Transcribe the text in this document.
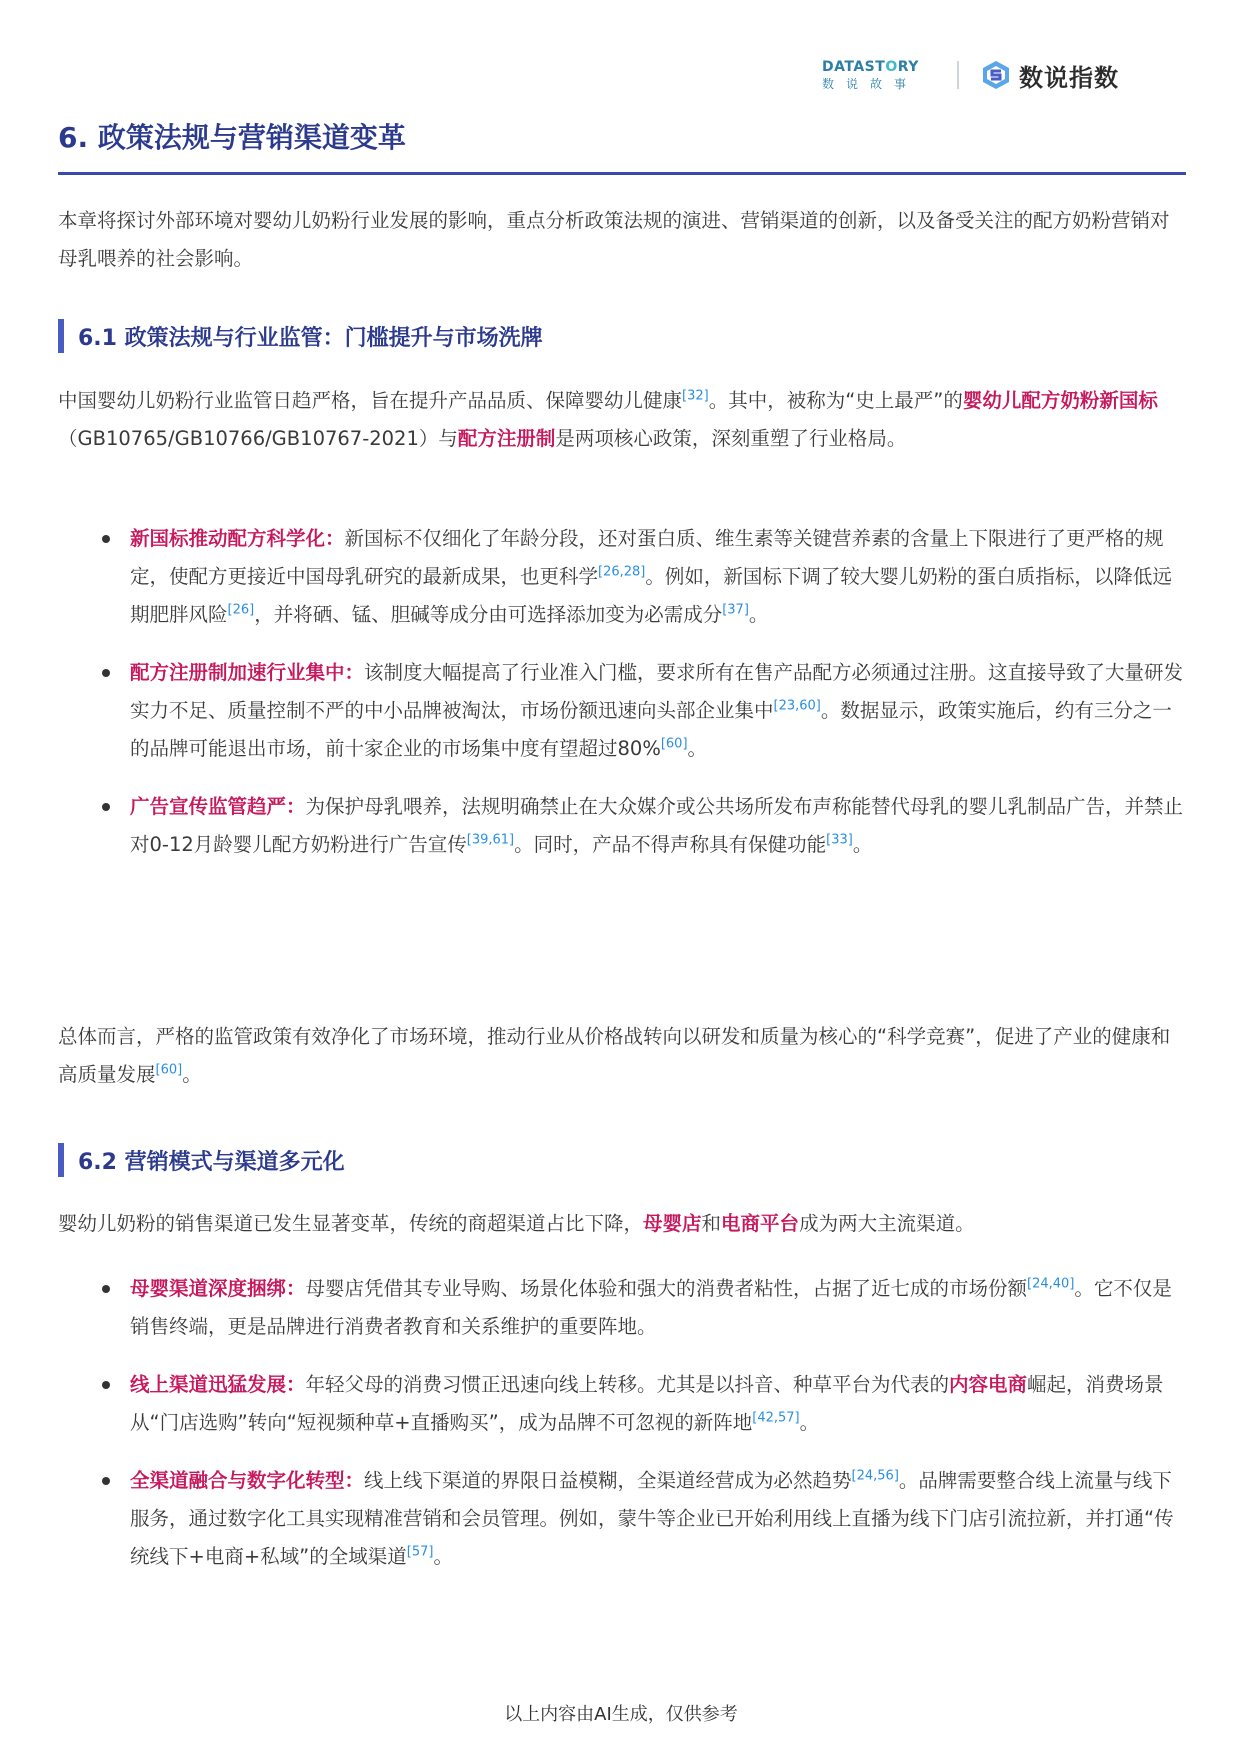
DATASTORY
数说故事	数说指数
6. 政策法规与营销渠道变革

本章将探讨外部环境对婴幼儿奶粉行业发展的影响，重点分析政策法规的演进、营销渠道的创新，以及备受关注的配方奶粉营销对母乳喂养的社会影响。

6.1 政策法规与行业监管：门槛提升与市场洗牌

中国婴幼儿奶粉行业监管日趋严格，旨在提升产品品质、保障婴幼儿健康[32]。其中，被称为“史上最严”的婴幼儿配方奶粉新国标（GB10765/GB10766/GB10767-2021）与配方注册制是两项核心政策，深刻重塑了行业格局。

新国标推动配方科学化：新国标不仅细化了年龄分段，还对蛋白质、维生素等关键营养素的含量上下限进行了更严格的规定，使配方更接近中国母乳研究的最新成果，也更科学[26,28]。例如，新国标下调了较大婴儿奶粉的蛋白质指标，以降低远期肥胖风险[26]，并将硒、锰、胆碱等成分由可选择添加变为必需成分[37]。
配方注册制加速行业集中：该制度大幅提高了行业准入门槛，要求所有在售产品配方必须通过注册。这直接导致了大量研发实力不足、质量控制不严的中小品牌被淘汰，市场份额迅速向头部企业集中[23,60]。数据显示，政策实施后，约有三分之一的品牌可能退出市场，前十家企业的市场集中度有望超过80%[60]。
广告宣传监管趋严：为保护母乳喂养，法规明确禁止在大众媒介或公共场所发布声称能替代母乳的婴儿乳制品广告，并禁止对0-12月龄婴儿配方奶粉进行广告宣传[39,61]。同时，产品不得声称具有保健功能[33]。

总体而言，严格的监管政策有效净化了市场环境，推动行业从价格战转向以研发和质量为核心的“科学竞赛”，促进了产业的健康和高质量发展[60]。

6.2 营销模式与渠道多元化

婴幼儿奶粉的销售渠道已发生显著变革，传统的商超渠道占比下降，母婴店和电商平台成为两大主流渠道。

母婴渠道深度捆绑：母婴店凭借其专业导购、场景化体验和强大的消费者粘性，占据了近七成的市场份额[24,40]。它不仅是销售终端，更是品牌进行消费者教育和关系维护的重要阵地。
线上渠道迅猛发展：年轻父母的消费习惯正迅速向线上转移。尤其是以抖音、种草平台为代表的内容电商崛起，消费场景从“门店选购”转向“短视频种草+直播购买”，成为品牌不可忽视的新阵地[42,57]。
全渠道融合与数字化转型：线上线下渠道的界限日益模糊，全渠道经营成为必然趋势[24,56]。品牌需要整合线上流量与线下服务，通过数字化工具实现精准营销和会员管理。例如，蒙牛等企业已开始利用线上直播为线下门店引流拉新，并打通“传统线下+电商+私域”的全域渠道[57]。
以上内容由AI生成，仅供参考
